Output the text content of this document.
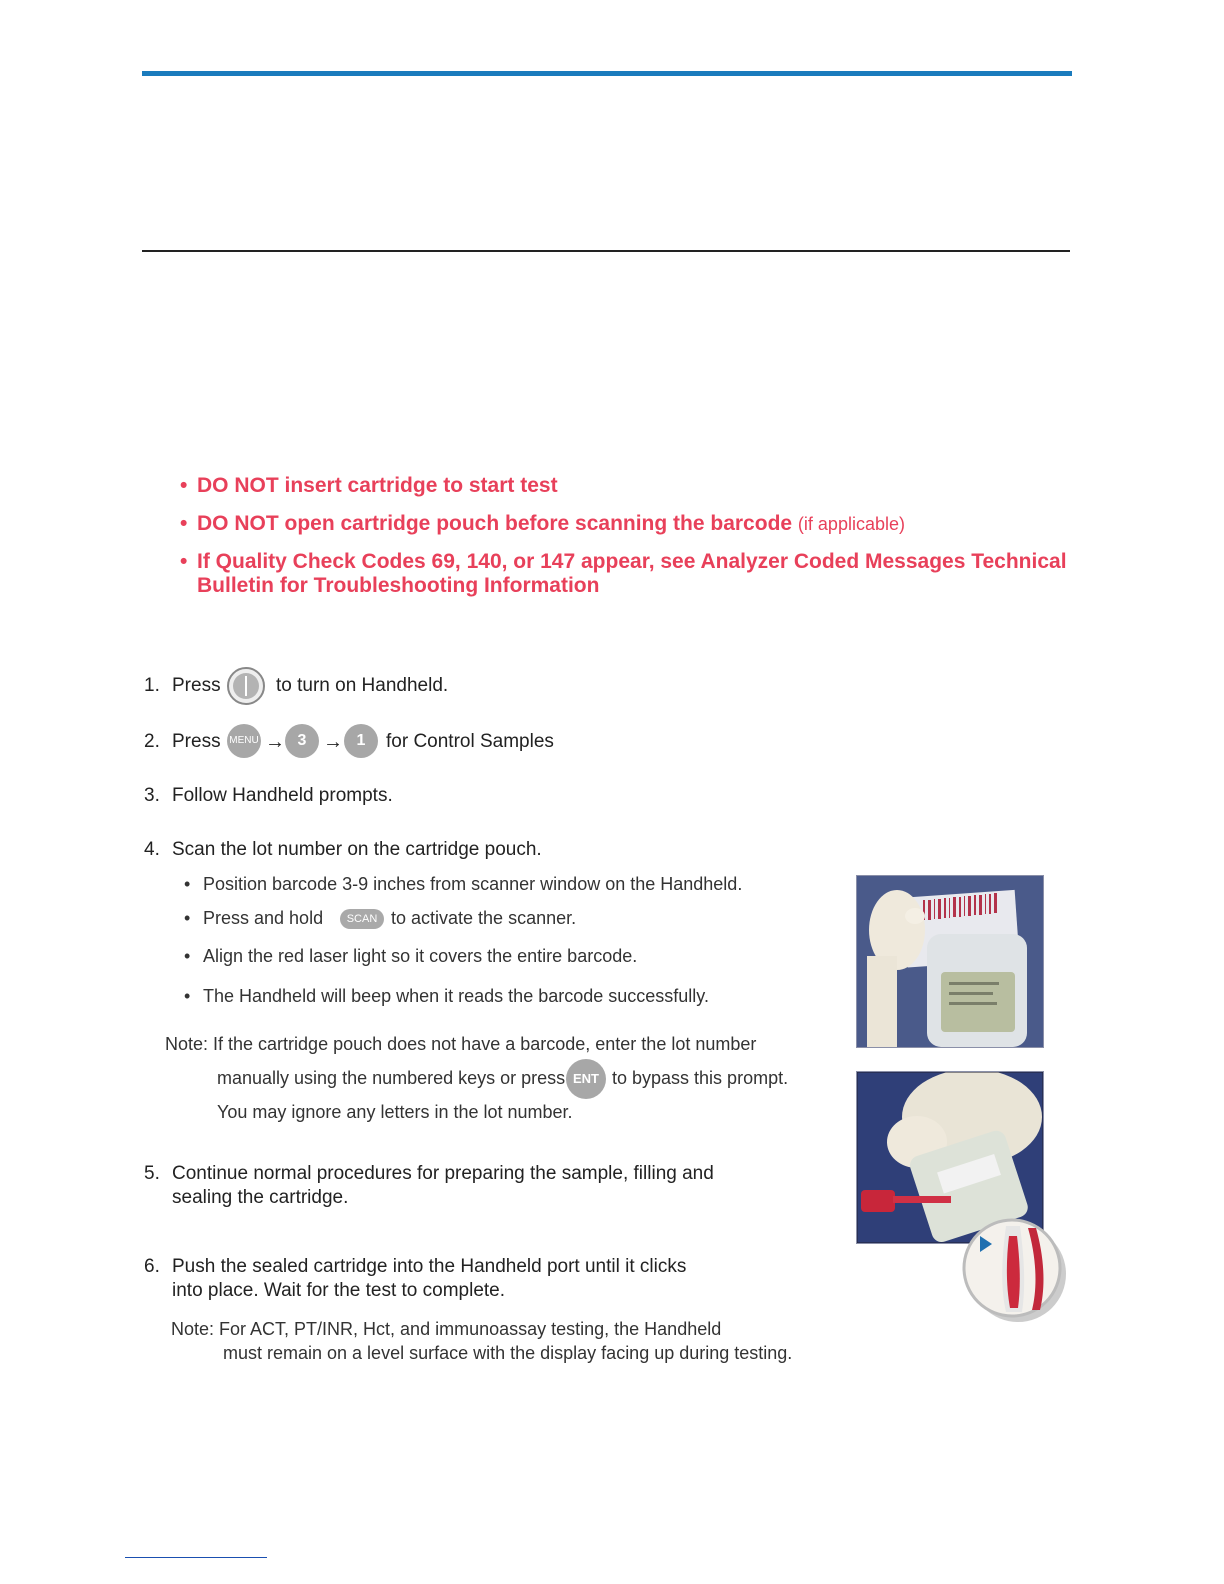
• DO NOT insert cartridge to start test
• DO NOT open cartridge pouch before scanning the barcode (if applicable)
• If Quality Check Codes 69, 140, or 147 appear, see Analyzer Coded Messages Technical
Bulletin for Troubleshooting Information
1. Press	to turn on Handheld.
2. Press MENU → 3 → 1	for Control Samples
3. Follow Handheld prompts.
4. Scan the lot number on the cartridge pouch.
• Position barcode 3-9 inches from scanner window on the Handheld.
• Press and hold	SCAN to activate the scanner.
• Align the red laser light so it covers the entire barcode.
• The Handheld will beep when it reads the barcode successfully.
Note: If the cartridge pouch does not have a barcode, enter the lot number
manually using the numbered keys or press ENT to bypass this prompt.
You may ignore any letters in the lot number.
5. Continue normal procedures for preparing the sample, filling and
sealing the cartridge.
6. Push the sealed cartridge into the Handheld port until it clicks
into place. Wait for the test to complete.
Note: For ACT, PT/INR, Hct, and immunoassay testing, the Handheld
must remain on a level surface with the display facing up during testing.
